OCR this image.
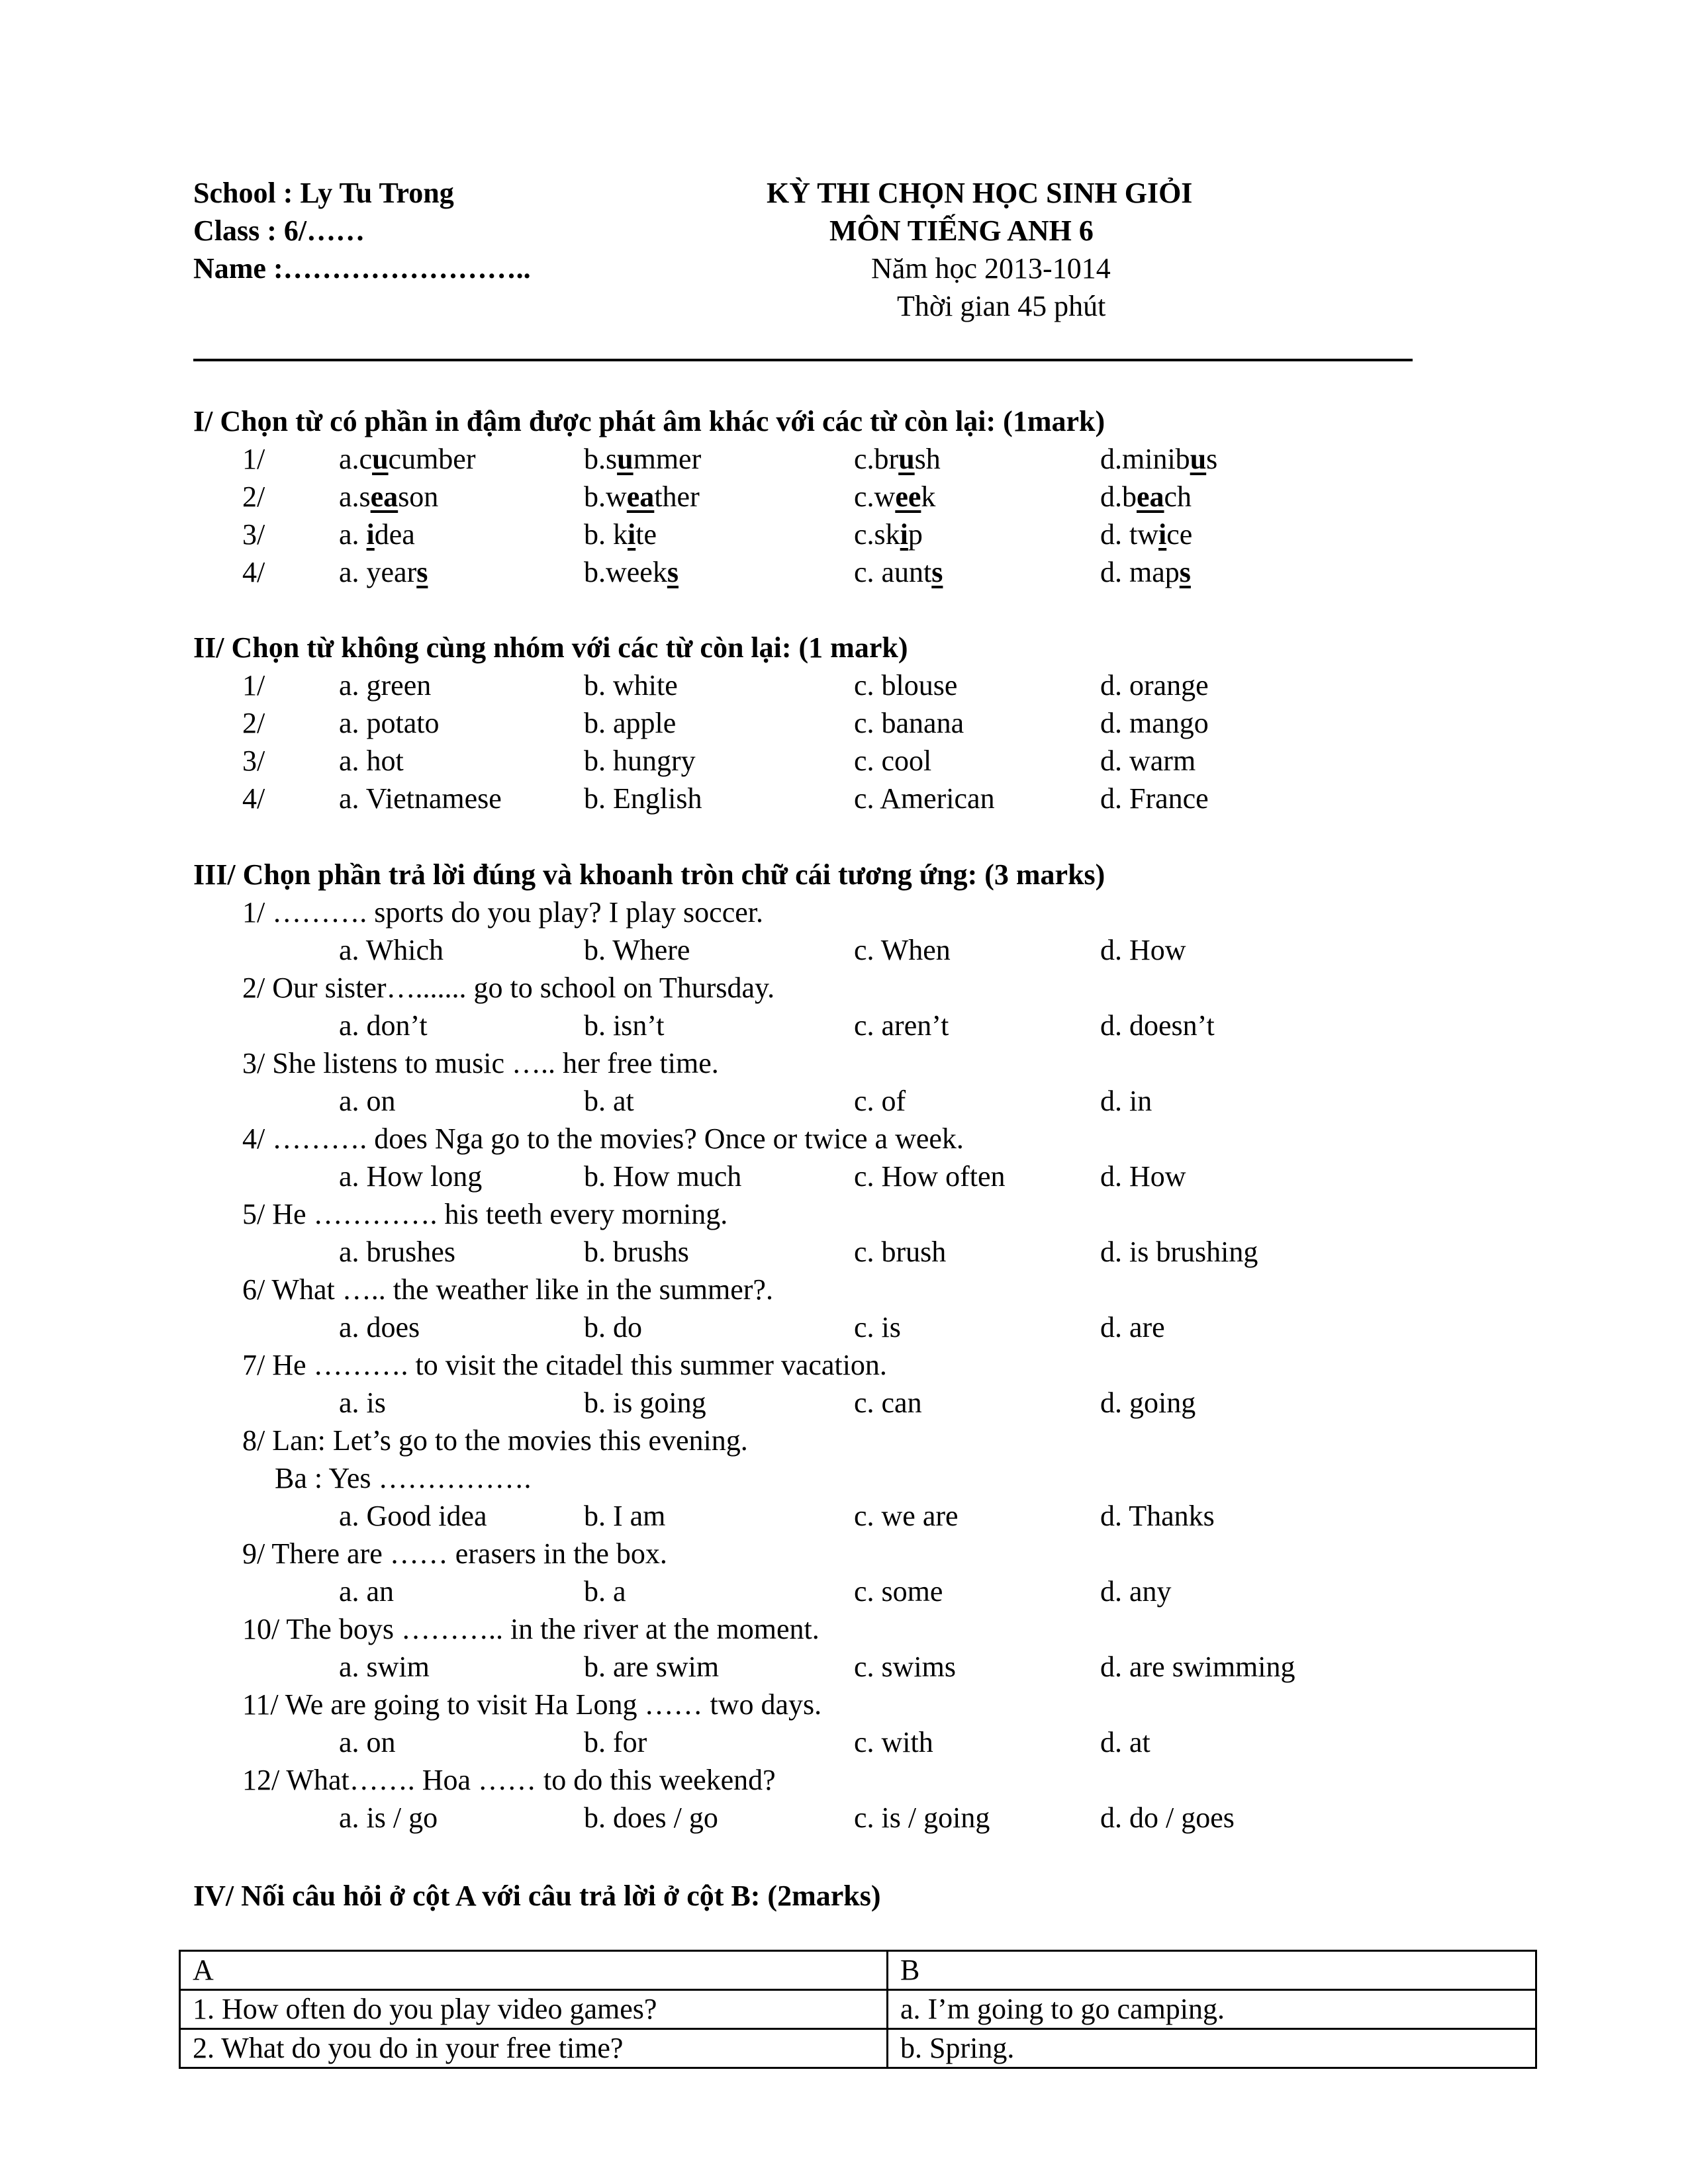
School : Ly Tu Trong
Class : 6/……
Name :……………………..
KỲ THI CHỌN HỌC SINH GIỎI
MÔN TIẾNG ANH 6
Năm học 2013-1014
Thời gian 45 phút
I/ Chọn từ có phần in đậm được phát âm khác với các từ còn lại: (1mark)
II/ Chọn từ không cùng nhóm với các từ còn lại: (1 mark)
III/ Chọn phần trả lời đúng và khoanh tròn chữ cái tương ứng: (3 marks)
IV/ Nối câu hỏi ở cột A với câu trả lời ở cột B: (2marks)
A	B
1. How often do you play video games?	a. I’m going to go camping.
2. What do you do in your free time?	b. Spring.
1/	a.cucumber	b.summer	c.brush	d.minibus
2/	a.season	b.weather	c.week	d.beach
3/	a. idea	b. kite	c.skip	d. twice
4/	a. years	b.weeks	c. aunts	d. maps
1/	a. green	b. white	c. blouse	d. orange
2/	a. potato	b. apple	c. banana	d. mango
3/	a. hot	b. hungry	c. cool	d. warm
4/	a. Vietnamese	b. English	c. American	d. France
1/ ………. sports do you play? I play soccer.
a. Which	b. Where	c. When	d. How
2/ Our sister…....... go to school on Thursday.
a. don’t	b. isn’t	c. aren’t	d. doesn’t
3/ She listens to music ….. her free time.
a. on	b. at	c. of	d. in
4/ ………. does Nga go to the movies? Once or twice a week.
a. How long	b. How much	c. How often	d. How
5/ He …………. his teeth every morning.
a. brushes	b. brushs	c. brush	d. is brushing
6/ What ….. the weather like in the summer?.
a. does	b. do	c. is	d. are
7/ He ………. to visit the citadel this summer vacation.
a. is	b. is going	c. can	d. going
8/ Lan: Let’s go to the movies this evening.
Ba : Yes …………….
a. Good idea	b. I am	c. we are	d. Thanks
9/ There are …… erasers in the box.
a. an	b. a	c. some	d. any
10/ The boys ……….. in the river at the moment.
a. swim	b. are swim	c. swims	d. are swimming
11/ We are going to visit Ha Long …… two days.
a. on	b. for	c. with	d. at
12/ What……. Hoa …… to do this weekend?
a. is / go	b. does / go	c. is / going	d. do / goes
